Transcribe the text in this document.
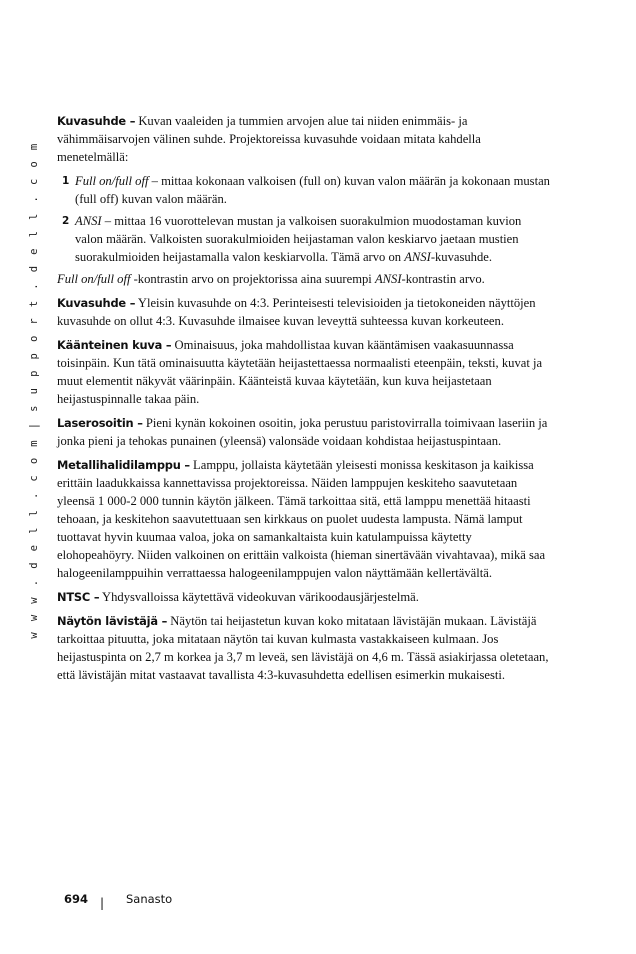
w w w . d e l l . c o m | s u p p o r t . d e l l . c o m

Kuvasuhde – Kuvan vaaleiden ja tummien arvojen alue tai niiden enimmäis- ja vähimmäisarvojen välinen suhde. Projektoreissa kuvasuhde voidaan mitata kahdella menetelmällä:

1 Full on/full off – mittaa kokonaan valkoisen (full on) kuvan valon määrän ja kokonaan mustan (full off) kuvan valon määrän.
2 ANSI – mittaa 16 vuorottelevan mustan ja valkoisen suorakulmion muodostaman kuvion valon määrän. Valkoisten suorakulmioiden heijastaman valon keskiarvo jaetaan mustien suorakulmioiden heijastamalla valon keskiarvolla. Tämä arvo on ANSI-kuvasuhde.

Full on/full off -kontrastin arvo on projektorissa aina suurempi ANSI-kontrastin arvo.

Kuvasuhde – Yleisin kuvasuhde on 4:3. Perinteisesti televisioiden ja tietokoneiden näyttöjen kuvasuhde on ollut 4:3. Kuvasuhde ilmaisee kuvan leveyttä suhteessa kuvan korkeuteen.

Käänteinen kuva – Ominaisuus, joka mahdollistaa kuvan kääntämisen vaakasuunnassa toisinpäin. Kun tätä ominaisuutta käytetään heijastettaessa normaalisti eteenpäin, teksti, kuvat ja muut elementit näkyvät väärinpäin. Käänteistä kuvaa käytetään, kun kuva heijastetaan heijastuspinnalle takaa päin.

Laserosoitin – Pieni kynän kokoinen osoitin, joka perustuu paristovirralla toimivaan laseriin ja jonka pieni ja tehokas punainen (yleensä) valonsäde voidaan kohdistaa heijastuspintaan.

Metallihalidilamppu – Lamppu, jollaista käytetään yleisesti monissa keskitason ja kaikissa erittäin laadukkaissa kannettavissa projektoreissa. Näiden lamppujen keskiteho saavutetaan yleensä 1 000-2 000 tunnin käytön jälkeen. Tämä tarkoittaa sitä, että lamppu menettää hitaasti tehoaan, ja keskitehon saavutettuaan sen kirkkaus on puolet uudesta lampusta. Nämä lamput tuottavat hyvin kuumaa valoa, joka on samankaltaista kuin katulampuissa käytetty elohopeahöyry. Niiden valkoinen on erittäin valkoista (hieman sinertävään vivahtavaa), mikä saa halogeenilamppuihin verrattaessa halogeenilamppujen valon näyttämään kellertävältä.

NTSC – Yhdysvalloissa käytettävä videokuvan värikoodausjärjestelmä.

Näytön lävistäjä – Näytön tai heijastetun kuvan koko mitataan lävistäjän mukaan. Lävistäjä tarkoittaa pituutta, joka mitataan näytön tai kuvan kulmasta vastakkaiseen kulmaan. Jos heijastuspinta on 2,7 m korkea ja 3,7 m leveä, sen lävistäjä on 4,6 m. Tässä asiakirjassa oletetaan, että lävistäjän mitat vastaavat tavallista 4:3-kuvasuhdetta edellisen esimerkin mukaisesti.

694 | Sanasto
